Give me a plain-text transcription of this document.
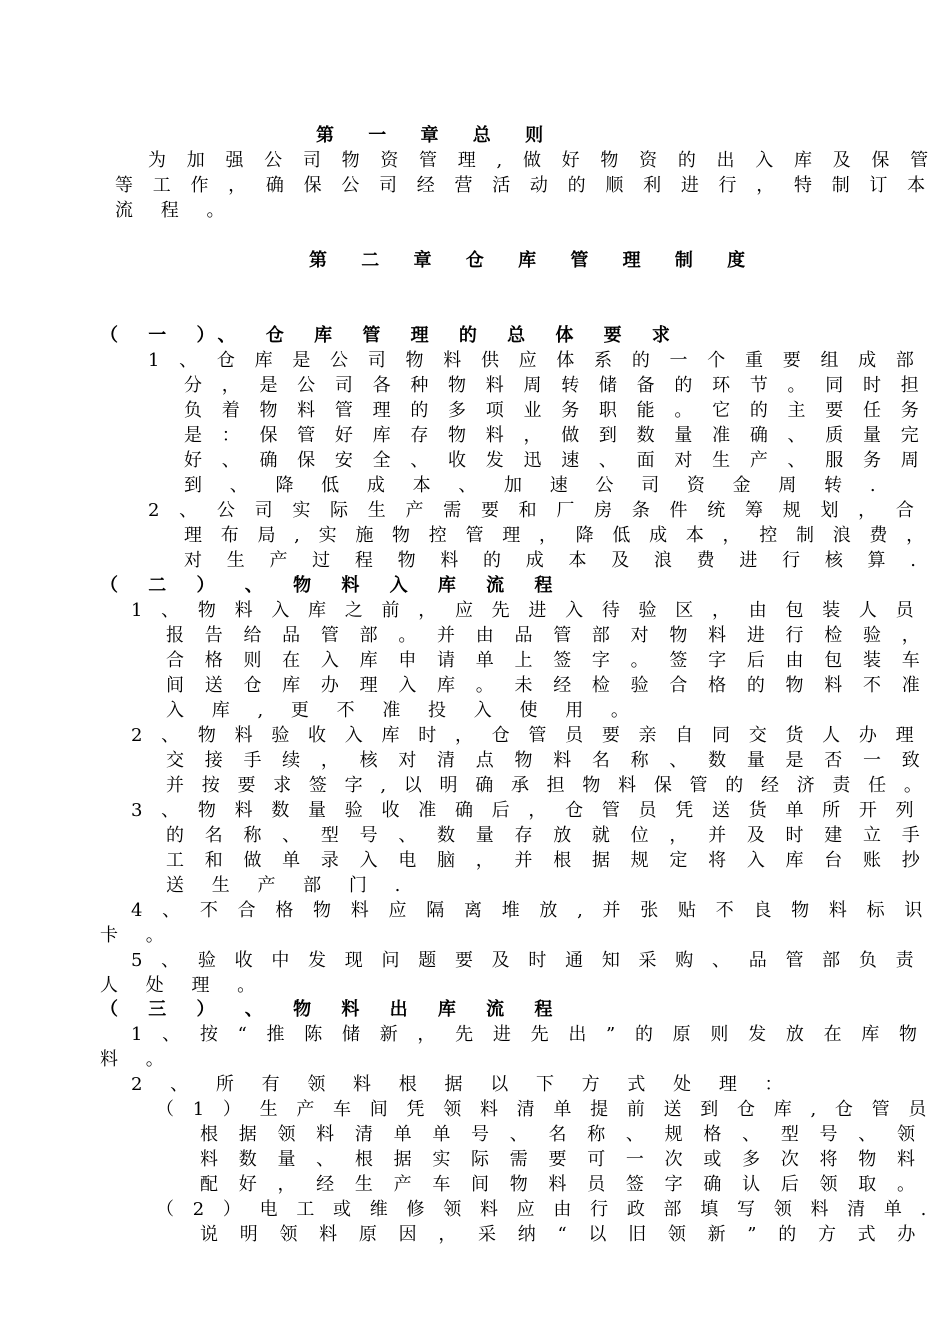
第 一 章 总 则
为 加 强 公 司 物 资 管 理 , 做 好 物 资 的 出 入 库 及 保 管
等 工 作 ， 确 保 公 司 经 营 活 动 的 顺 利 进 行 ， 特 制 订 本
流 程 。
第 二 章 仓 库 管 理 制 度
（ 一 ）、 仓 库 管 理 的 总 体 要 求
1 、 仓 库 是 公 司 物 料 供 应 体 系 的 一 个 重 要 组 成 部
分 ， 是 公 司 各 种 物 料 周 转 储 备 的 环 节 。 同 时 担
负 着 物 料 管 理 的 多 项 业 务 职 能 。 它 的 主 要 任 务
是 ： 保 管 好 库 存 物 料 ， 做 到 数 量 准 确 、 质 量 完
好 、 确 保 安 全 、 收 发 迅 速 、 面 对 生 产 、 服 务 周
到 、 降 低 成 本 、 加 速 公 司 资 金 周 转 .
2 、 公 司 实 际 生 产 需 要 和 厂 房 条 件 统 筹 规 划 ， 合
理 布 局 , 实 施 物 控 管 理 ， 降 低 成 本 ， 控 制 浪 费 ，
对 生 产 过 程 物 料 的 成 本 及 浪 费 进 行 核 算 .
（ 二 ） 、 物 料 入 库 流 程
1 、 物 料 入 库 之 前 ， 应 先 进 入 待 验 区 ， 由 包 装 人 员
报 告 给 品 管 部 。 并 由 品 管 部 对 物 料 进 行 检 验 ，
合 格 则 在 入 库 申 请 单 上 签 字 。 签 字 后 由 包 装 车
间 送 仓 库 办 理 入 库 。 未 经 检 验 合 格 的 物 料 不 准
入 库 , 更 不 准 投 入 使 用 。
2 、 物 料 验 收 入 库 时 ， 仓 管 员 要 亲 自 同 交 货 人 办 理
交 接 手 续 ， 核 对 清 点 物 料 名 称 、 数 量 是 否 一 致
并 按 要 求 签 字 , 以 明 确 承 担 物 料 保 管 的 经 济 责 任 。
3 、 物 料 数 量 验 收 准 确 后 ， 仓 管 员 凭 送 货 单 所 开 列
的 名 称 、 型 号 、 数 量 存 放 就 位 ， 并 及 时 建 立 手
工 和 做 单 录 入 电 脑 ， 并 根 据 规 定 将 入 库 台 账 抄
送 生 产 部 门 .
4 、 不 合 格 物 料 应 隔 离 堆 放 , 并 张 贴 不 良 物 料 标 识
卡 。
5 、 验 收 中 发 现 问 题 要 及 时 通 知 采 购 、 品 管 部 负 责
人 处 理 。
（ 三 ） 、 物 料 出 库 流 程
1 、 按 “ 推 陈 储 新 ， 先 进 先 出 ” 的 原 则 发 放 在 库 物
料 。
2 、 所 有 领 料 根 据 以 下 方 式 处 理 ：
（ 1 ） 生 产 车 间 凭 领 料 清 单 提 前 送 到 仓 库 , 仓 管 员
根 据 领 料 清 单 单 号 、 名 称 、 规 格 、 型 号 、 领
料 数 量 、 根 据 实 际 需 要 可 一 次 或 多 次 将 物 料
配 好 ， 经 生 产 车 间 物 料 员 签 字 确 认 后 领 取 。
（ 2 ） 电 工 或 维 修 领 料 应 由 行 政 部 填 写 领 料 清 单 .
说 明 领 料 原 因 ， 采 纳 “ 以 旧 领 新 ” 的 方 式 办
